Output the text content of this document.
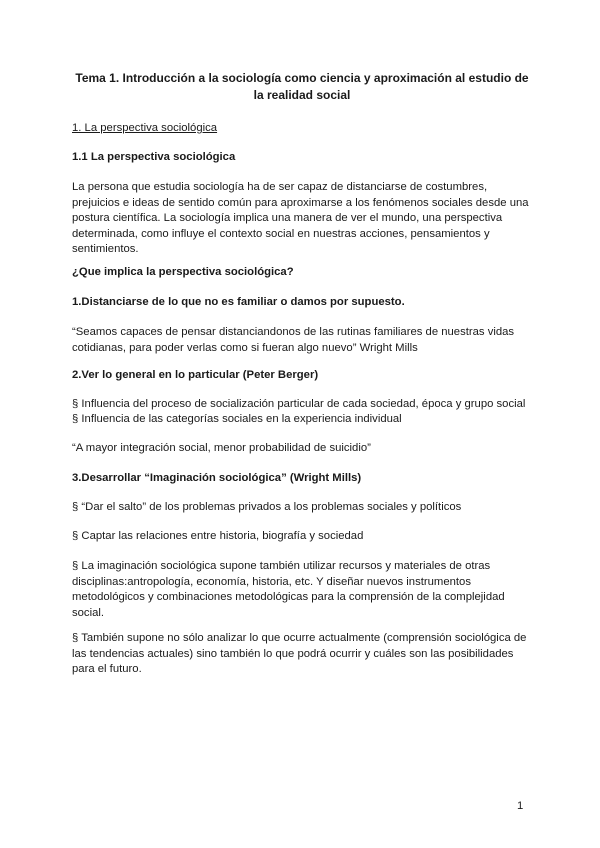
Tema 1. Introducción a la sociología como ciencia y aproximación al estudio de la realidad social
1. La perspectiva sociológica
1.1 La perspectiva sociológica
La persona que estudia sociología ha de ser capaz de distanciarse de costumbres, prejuicios e ideas de sentido común para aproximarse a los fenómenos sociales desde una postura científica. La sociología implica una manera de ver el mundo, una perspectiva determinada, como influye el contexto social en nuestras acciones, pensamientos y sentimientos.
¿Que implica la perspectiva sociológica?
1.Distanciarse de lo que no es familiar o damos por supuesto.
“Seamos capaces de pensar distanciandonos de las rutinas familiares de nuestras vidas cotidianas, para poder verlas como si fueran algo nuevo” Wright Mills
2.Ver lo general en lo particular (Peter Berger)
§ Influencia del proceso de socialización particular de cada sociedad, época y grupo social
§ Influencia de las categorías sociales en la experiencia individual
“A mayor integración social, menor probabilidad de suicidio”
3.Desarrollar “Imaginación sociológica” (Wright Mills)
§ “Dar el salto” de los problemas privados a los problemas sociales y políticos
§ Captar las relaciones entre historia, biografía y sociedad
§ La imaginación sociológica supone también utilizar recursos y materiales de otras disciplinas:antropología, economía, historia, etc. Y diseñar nuevos instrumentos metodológicos y combinaciones metodológicas para la comprensión de la complejidad social.
§ También supone no sólo analizar lo que ocurre actualmente (comprensión sociológica de las tendencias actuales) sino también lo que podrá ocurrir y cuáles son las posibilidades para el futuro.
1
